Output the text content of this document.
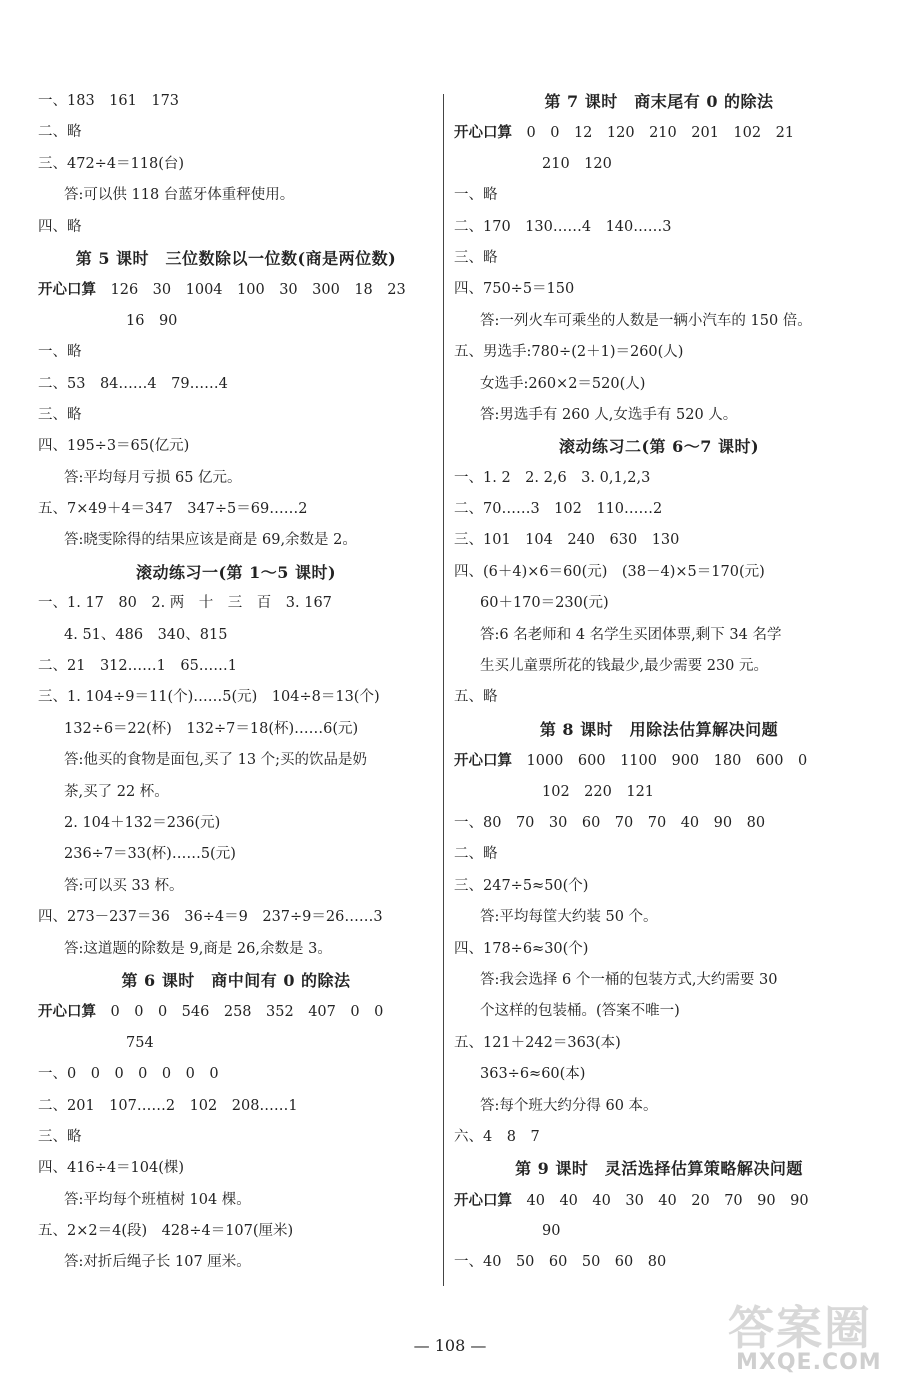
一、183　161　173
二、略
三、472÷4＝118(台)
答:可以供 118 台蓝牙体重秤使用。
四、略
第 5 课时　三位数除以一位数(商是两位数)
开心口算　126　30　1004　100　30　300　18　23
16　90
一、略
二、53　84……4　79……4
三、略
四、195÷3＝65(亿元)
答:平均每月亏损 65 亿元。
五、7×49＋4＝347　347÷5＝69……2
答:晓雯除得的结果应该是商是 69,余数是 2。
滚动练习一(第 1～5 课时)
一、1. 17　80　2. 两　十　三　百　3. 167
4. 51、486　340、815
二、21　312……1　65……1
三、1. 104÷9＝11(个)……5(元)　104÷8＝13(个)
132÷6＝22(杯)　132÷7＝18(杯)……6(元)
答:他买的食物是面包,买了 13 个;买的饮品是奶
茶,买了 22 杯。
2. 104＋132＝236(元)
236÷7＝33(杯)……5(元)
答:可以买 33 杯。
四、273－237＝36　36÷4＝9　237÷9＝26……3
答:这道题的除数是 9,商是 26,余数是 3。
第 6 课时　商中间有 0 的除法
开心口算　0　0　0　546　258　352　407　0　0
754
一、0　0　0　0　0　0　0
二、201　107……2　102　208……1
三、略
四、416÷4＝104(棵)
答:平均每个班植树 104 棵。
五、2×2＝4(段)　428÷4＝107(厘米)
答:对折后绳子长 107 厘米。
第 7 课时　商末尾有 0 的除法
开心口算　0　0　12　120　210　201　102　21
210　120
一、略
二、170　130……4　140……3
三、略
四、750÷5＝150
答:一列火车可乘坐的人数是一辆小汽车的 150 倍。
五、男选手:780÷(2＋1)＝260(人)
女选手:260×2＝520(人)
答:男选手有 260 人,女选手有 520 人。
滚动练习二(第 6～7 课时)
一、1. 2　2. 2,6　3. 0,1,2,3
二、70……3　102　110……2
三、101　104　240　630　130
四、(6＋4)×6＝60(元)　(38－4)×5＝170(元)
60＋170＝230(元)
答:6 名老师和 4 名学生买团体票,剩下 34 名学
生买儿童票所花的钱最少,最少需要 230 元。
五、略
第 8 课时　用除法估算解决问题
开心口算　1000　600　1100　900　180　600　0
102　220　121
一、80　70　30　60　70　70　40　90　80
二、略
三、247÷5≈50(个)
答:平均每筐大约装 50 个。
四、178÷6≈30(个)
答:我会选择 6 个一桶的包装方式,大约需要 30
个这样的包装桶。(答案不唯一)
五、121＋242＝363(本)
363÷6≈60(本)
答:每个班大约分得 60 本。
六、4　8　7
第 9 课时　灵活选择估算策略解决问题
开心口算　40　40　40　30　40　20　70　90　90
90
一、40　50　60　50　60　80
— 108 —	答案圈
MXQE.COM
